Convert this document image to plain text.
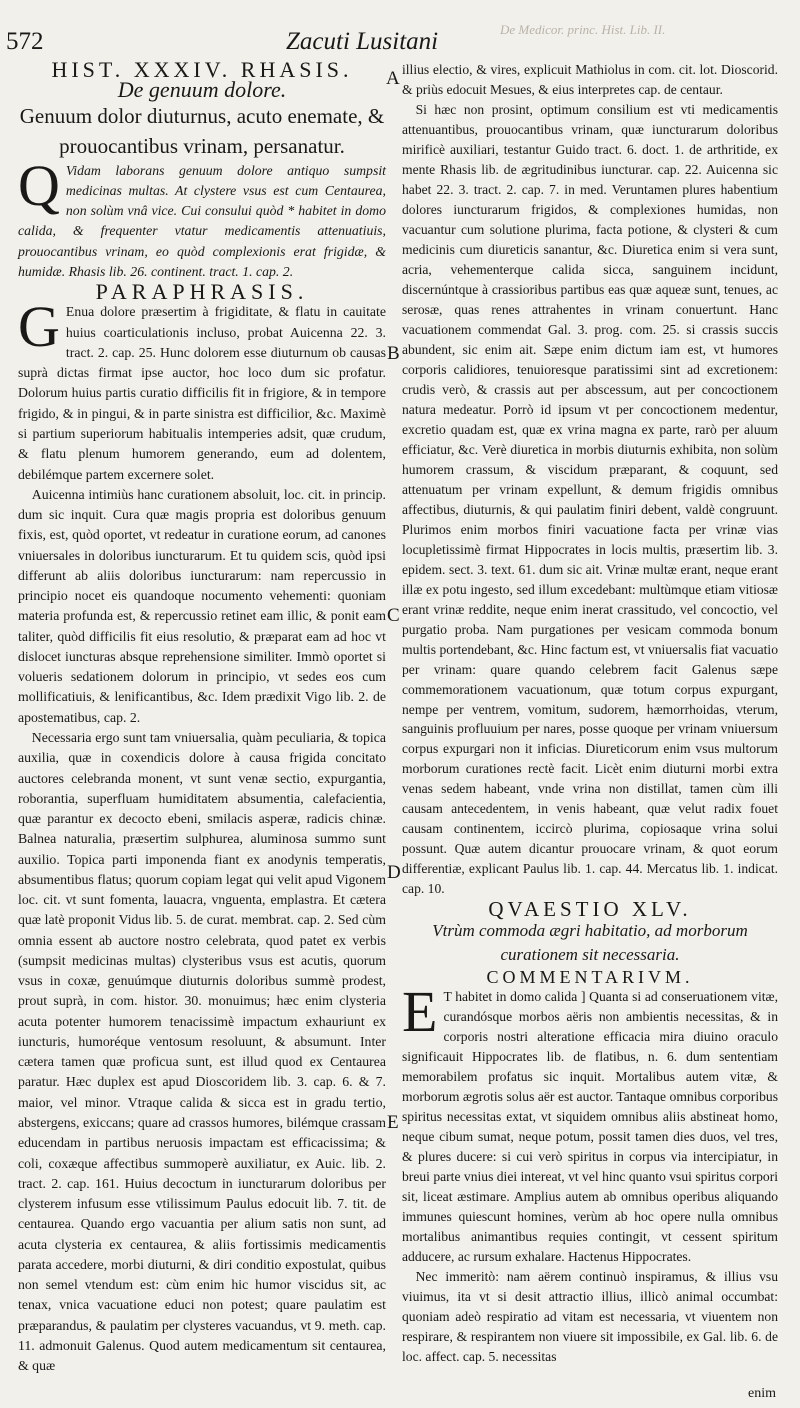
572	Zacuti Lusitani	De Medicor. princ. Hist. Lib. II.

HIST. XXXIV. RHASIS.

De genuum dolore.

Genuum dolor diuturnus, acuto enemate, & prouocantibus vrinam, persanatur.

Q Vidam laborans genuum dolore antiquo sumpsit medicinas multas. At clystere vsus est cum Centaurea, non solùm vnâ vice. Cui consului quòd * habitet in domo calida, & frequenter vtatur medicamentis attenuatiuis, prouocantibus vrinam, eo quòd complexionis erat frigidæ, & humidæ. Rhasis lib. 26. continent. tract. 1. cap. 2.

PARAPHRASIS.

G Enua dolore præsertim à frigiditate, & flatu in cauitate huius coarticulationis incluso, probat Auicenna 22. 3. tract. 2. cap. 25. Hunc dolorem esse diuturnum ob causas suprà dictas firmat ipse auctor, hoc loco dum sic profatur. Dolorum huius partis curatio difficilis fit in frigiore, & in tempore frigido, & in pingui, & in parte sinistra est difficilior, &c. Maximè si partium superiorum habitualis intemperies adsit, quæ crudum, & flatu plenum humorem generando, eum ad dolentem, debilémque partem excernere solet.

Auicenna intimiùs hanc curationem absoluit, loc. cit. in princip. dum sic inquit. Cura quæ magis propria est doloribus genuum fixis, est, quòd oportet, vt redeatur in curatione eorum, ad canones vniuersales in doloribus iuncturarum. Et tu quidem scis, quòd ipsi differunt ab aliis doloribus iuncturarum: nam repercussio in principio nocet eis quandoque nocumento vehementi: quoniam materia profunda est, & repercussio retinet eam illic, & ponit eam taliter, quòd difficilis fit eius resolutio, & præparat eam ad hoc vt dislocet iuncturas absque reprehensione similiter. Immò oportet si volueris sedationem dolorum in principio, vt sedes eos cum mollificatiuis, & lenificantibus, &c. Idem prædixit Vigo lib. 2. de apostematibus, cap. 2.

Necessaria ergo sunt tam vniuersalia, quàm peculiaria, & topica auxilia, quæ in coxendicis dolore à causa frigida concitato auctores celebranda monent, vt sunt venæ sectio, expurgantia, roborantia, superfluam humiditatem absumentia, calefacientia, quæ parantur ex decocto ebeni, smilacis asperæ, radicis chinæ. Balnea naturalia, præsertim sulphurea, aluminosa summo sunt auxilio. Topica parti imponenda fiant ex anodynis temperatis, absumentibus flatus; quorum copiam legat qui velit apud Vigonem loc. cit. vt sunt fomenta, lauacra, vnguenta, emplastra. Et cætera quæ latè proponit Vidus lib. 5. de curat. membrat. cap. 2. Sed cùm omnia essent ab auctore nostro celebrata, quod patet ex verbis (sumpsit medicinas multas) clysteribus vsus est acutis, quorum vsus in coxæ, genuúmque diuturnis doloribus summè prodest, prout suprà, in com. histor. 30. monuimus; hæc enim clysteria acuta potenter humorem tenacissimè impactum exhauriunt ex iuncturis, humoréque ventosum resoluunt, & absumunt. Inter cætera tamen quæ proficua sunt, est illud quod ex Centaurea paratur. Hæc duplex est apud Dioscoridem lib. 3. cap. 6. & 7. maior, vel minor. Vtraque calida & sicca est in gradu tertio, abstergens, exiccans; quare ad crassos humores, bilémque crassam educendam in partibus neruosis impactam est efficacissima; & coli, coxæque affectibus summoperè auxiliatur, ex Auic. lib. 2. tract. 2. cap. 161. Huius decoctum in iuncturarum doloribus per clysterem infusum esse vtilissimum Paulus edocuit lib. 7. tit. de centaurea. Quando ergo vacuantia per alium satis non sunt, ad acuta clysteria ex centaurea, & aliis fortissimis medicamentis parata accedere, morbi diuturni, & diri conditio expostulat, quibus non semel vtendum est: cùm enim hic humor viscidus sit, ac tenax, vnica vacuatione educi non potest; quare paulatim est præparandus, & paulatim per clysteres vacuandus, vt 9. meth. cap. 11. admonuit Galenus. Quod autem medicamentum sit centaurea, & quæ

illius electio, & vires, explicuit Mathiolus in com. cit. lot. Dioscorid. & priùs edocuit Mesues, & eius interpretes cap. de centaur.

Si hæc non prosint, optimum consilium est vti medicamentis attenuantibus, prouocantibus vrinam, quæ iuncturarum doloribus mirificè auxiliari, testantur Guido tract. 6. doct. 1. de arthritide, ex mente Rhasis lib. de ægritudinibus iuncturar. cap. 22. Auicenna sic habet 22. 3. tract. 2. cap. 7. in med. Veruntamen plures habentium dolores iuncturarum frigidos, & complexiones humidas, non vacuantur cum solutione plurima, facta potione, & clysteri & cum medicinis cum diureticis sanantur, &c. Diuretica enim si vera sunt, acria, vehementerque calida sicca, sanguinem incidunt, discernúntque à crassioribus partibus eas quæ aqueæ sunt, tenues, ac serosæ, quas renes attrahentes in vrinam conuertunt. Hanc vacuationem commendat Gal. 3. prog. com. 25. si crassis succis abundent, sic enim ait. Sæpe enim dictum iam est, vt humores corporis calidiores, tenuioresque paratissimi sint ad excretionem: crudis verò, & crassis aut per abscessum, aut per concoctionem natura medeatur. Porrò id ipsum vt per concoctionem medentur, excretio quadam est, quæ ex vrina magna ex parte, rarò per aluum efficiatur, &c. Verè diuretica in morbis diuturnis exhibita, non solùm humorem crassum, & viscidum præparant, & coquunt, sed attenuatum per vrinam expellunt, & demum frigidis omnibus affectibus, diuturnis, & qui paulatim finiri debent, valdè congruunt. Plurimos enim morbos finiri vacuatione facta per vrinæ vias locupletissimè firmat Hippocrates in locis multis, præsertim lib. 3. epidem. sect. 3. text. 61. dum sic ait. Vrinæ multæ erant, neque erant illæ ex potu ingesto, sed illum excedebant: multùmque etiam vitiosæ erant vrinæ reddite, neque enim inerat crassitudo, vel concoctio, vel purgatio proba. Nam purgationes per vesicam commoda bonum multis portendebant, &c. Hinc factum est, vt vniuersalis fiat vacuatio per vrinam: quare quando celebrem facit Galenus sæpe commemorationem vacuationum, quæ totum corpus expurgant, nempe per ventrem, vomitum, sudorem, hæmorrhoidas, vterum, sanguinis profluuium per nares, posse quoque per vrinam vniuersum corpus expurgari non it inficias. Diureticorum enim vsus multorum morborum curationes rectè facit. Licèt enim diuturni morbi extra venas sedem habeant, vnde vrina non distillat, tamen cùm illi causam antecedentem, in venis habeant, quæ velut radix fouet causam continentem, iccircò plurima, copiosaque vrina solui possunt. Quæ autem dicantur prouocare vrinam, & quot eorum differentiæ, explicant Paulus lib. 1. cap. 44. Mercatus lib. 1. indicat. cap. 10.

QVAESTIO XLV.

Vtrùm commoda ægri habitatio, ad morborum curationem sit necessaria.

COMMENTARIVM.

E T habitet in domo calida ] Quanta si ad conseruationem vitæ, curandósque morbos aëris non ambientis necessitas, & in corporis nostri alteratione efficacia mira diuino oraculo significauit Hippocrates lib. de flatibus, n. 6. dum sententiam memorabilem profatus sic inquit. Mortalibus autem vitæ, & morborum ægrotis solus aër est auctor. Tantaque omnibus corporibus spiritus necessitas extat, vt siquidem omnibus aliis abstineat homo, neque cibum sumat, neque potum, possit tamen dies duos, vel tres, & plures ducere: si cui verò spiritus in corpus via intercipiatur, in breui parte vnius diei intereat, vt vel hinc quanto vsui spiritus corpori sit, liceat æstimare. Amplius autem ab omnibus operibus aliquando immunes quiescunt homines, verùm ab hoc opere nulla omnibus mortalibus animantibus requies contingit, vt cessent spiritum adducere, ac rursum exhalare. Hactenus Hippocrates.

Nec immeritò: nam aërem continuò inspiramus, & illius vsu viuimus, ita vt si desit attractio illius, illicò animal occumbat: quoniam adeò respiratio ad vitam est necessaria, vt viuentem non respirare, & respirantem non viuere sit impossibile, ex Gal. lib. 6. de loc. affect. cap. 5. necessitas

A
B
C
D
E
enim
